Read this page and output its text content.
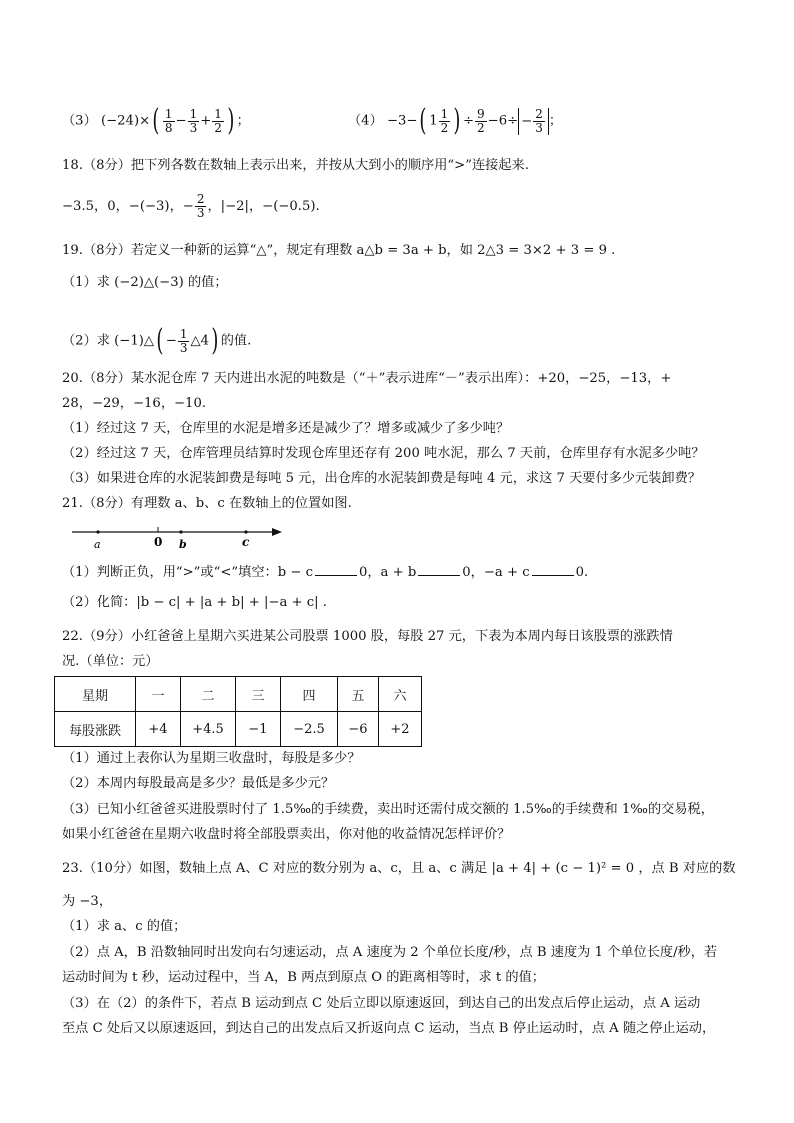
（3） $(-24)\times( \frac{1}{8} - \frac{1}{3} + \frac{1}{2}$ ) ；	（4） −3−( $1 \frac{1}{2}$ ) ÷ $\frac{9}{2} -6\div - \frac{2}{3}$ ；
18.（8分）把下列各数在数轴上表示出来，并按从大到小的顺序用“>”连接起来.
−3.5，0，−(−3)，− $\frac{2}{3}$ ，|−2|，−(−0.5).
19.（8分）若定义一种新的运算“△”，规定有理数 a△b = 3a + b，如 2△3 = 3×2 + 3 = 9 .
（1）求 (−2)△(−3) 的值；
（2）求 (−1)△( − $\frac{1}{3}$ △4) 的值.
20.（8分）某水泥仓库 7 天内进出水泥的吨数是（“＋”表示进库“－”表示出库）：+20，−25，−13，+
28，−29，−16，−10.
（1）经过这 7 天，仓库里的水泥是增多还是减少了？增多或减少了多少吨？
（2）经过这 7 天，仓库管理员结算时发现仓库里还存有 200 吨水泥，那么 7 天前，仓库里存有水泥多少吨？
（3）如果进仓库的水泥装卸费是每吨 5 元，出仓库的水泥装卸费是每吨 4 元，求这 7 天要付多少元装卸费？
21.（8分）有理数 a、b、c 在数轴上的位置如图.
a	0 b	c
（1）判断正负，用“>”或“<”填空：b − c	0，a + b	0，−a + c	0.
（2）化简：|b − c| + |a + b| + |−a + c| .
22.（9分）小红爸爸上星期六买进某公司股票 1000 股，每股 27 元，下表为本周内每日该股票的涨跌情
况.（单位：元）
星期	一	二	三	四	五	六
每股涨跌	+4	+4.5	−1	−2.5	−6	+2
（1）通过上表你认为星期三收盘时，每股是多少？
（2）本周内每股最高是多少？最低是多少元？
（3）已知小红爸爸买进股票时付了 1.5‰的手续费，卖出时还需付成交额的 1.5‰的手续费和 1‰的交易税，
如果小红爸爸在星期六收盘时将全部股票卖出，你对他的收益情况怎样评价？
23.（10分）如图，数轴上点 A、C 对应的数分别为 a、c，且 a、c 满足 |a + 4| + (c − 1)² = 0 ，点 B 对应的数
为 −3，
（1）求 a、c 的值；
（2）点 A，B 沿数轴同时出发向右匀速运动，点 A 速度为 2 个单位长度/秒，点 B 速度为 1 个单位长度/秒，若
运动时间为 t 秒，运动过程中，当 A，B 两点到原点 O 的距离相等时，求 t 的值；
（3）在（2）的条件下，若点 B 运动到点 C 处后立即以原速返回，到达自己的出发点后停止运动，点 A 运动
至点 C 处后又以原速返回，到达自己的出发点后又折返向点 C 运动，当点 B 停止运动时，点 A 随之停止运动，
